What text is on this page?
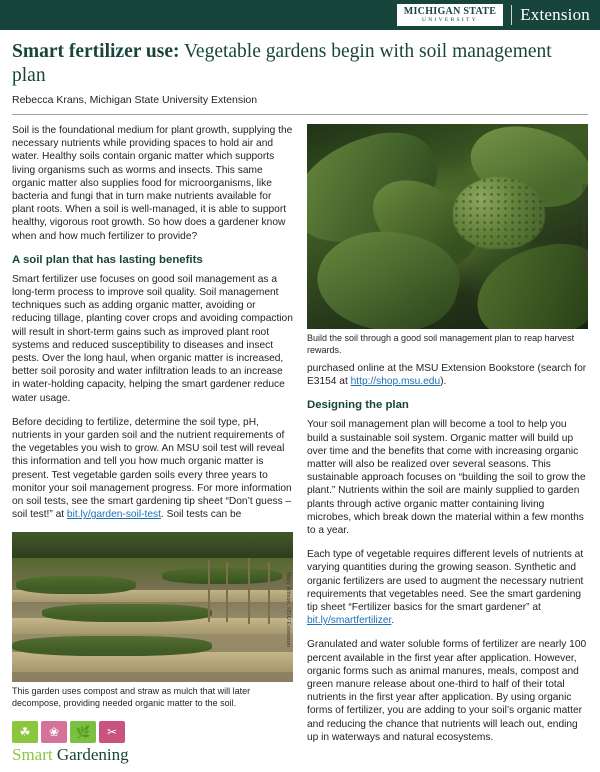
MICHIGAN STATE
UNIVERSITY Extension
Smart fertilizer use: Vegetable gardens begin with soil management plan
Rebecca Krans, Michigan State University Extension

Soil is the foundational medium for plant growth, supplying the necessary nutrients while providing spaces to hold air and water. Healthy soils contain organic matter which supports living organisms such as worms and insects. This same organic matter also supplies food for microorganisms, like bacteria and fungi that in turn make nutrients available for plant roots. When a soil is well-managed, it is able to support healthy, vigorous root growth. So how does a gardener know when and how much fertilizer to provide?

A soil plan that has lasting benefits

Smart fertilizer use focuses on good soil management as a long-term process to improve soil quality. Soil management techniques such as adding organic matter, avoiding or reducing tillage, planting cover crops and avoiding compaction will result in short-term gains such as improved plant root systems and reduced susceptibility to diseases and insect pests. Over the long haul, when organic matter is increased, better soil porosity and water infiltration leads to an increase in water-holding capacity, helping the smart gardener reduce water usage.

Before deciding to fertilize, determine the soil type, pH, nutrients in your garden soil and the nutrient requirements of the vegetables you wish to grow. An MSU soil test will reveal this information and tell you how much organic matter is present. Test vegetable garden soils every three years to monitor your soil management progress. For more information on soil tests, see the smart gardening tip sheet “Don’t guess – soil test!” at bit.ly/garden-soil-test. Soil tests can be

Mary Wilson, MSU Extension
This garden uses compost and straw as mulch that will later decompose, providing needed organic matter to the soil.
Rebecca Finneran, MSU Extension
Build the soil through a good soil management plan to reap harvest rewards.

purchased online at the MSU Extension Bookstore (search for E3154 at http://shop.msu.edu).

Designing the plan

Your soil management plan will become a tool to help you build a sustainable soil system. Organic matter will build up over time and the benefits that come with increasing organic matter will also be realized over several seasons. This sustainable approach focuses on “building the soil to grow the plant.” Nutrients within the soil are mainly supplied to garden plants through active organic matter containing living microbes, which break down the material within a few months to a year.

Each type of vegetable requires different levels of nutrients at varying quantities during the growing season. Synthetic and organic fertilizers are used to augment the necessary nutrient requirements that vegetables need. See the smart gardening tip sheet “Fertilizer basics for the smart gardener” at bit.ly/smartfertilizer.

Granulated and water soluble forms of fertilizer are nearly 100 percent available in the first year after application. However, organic forms such as animal manures, meals, compost and green manure release about one-third to half of their total nutrients in the first year after application. By using organic forms of fertilizer, you are adding to your soil’s organic matter and reducing the chance that nutrients will leach out, ending up in waterways and natural ecosystems.

☘	❀	🌿	✂
Smart Gardening
